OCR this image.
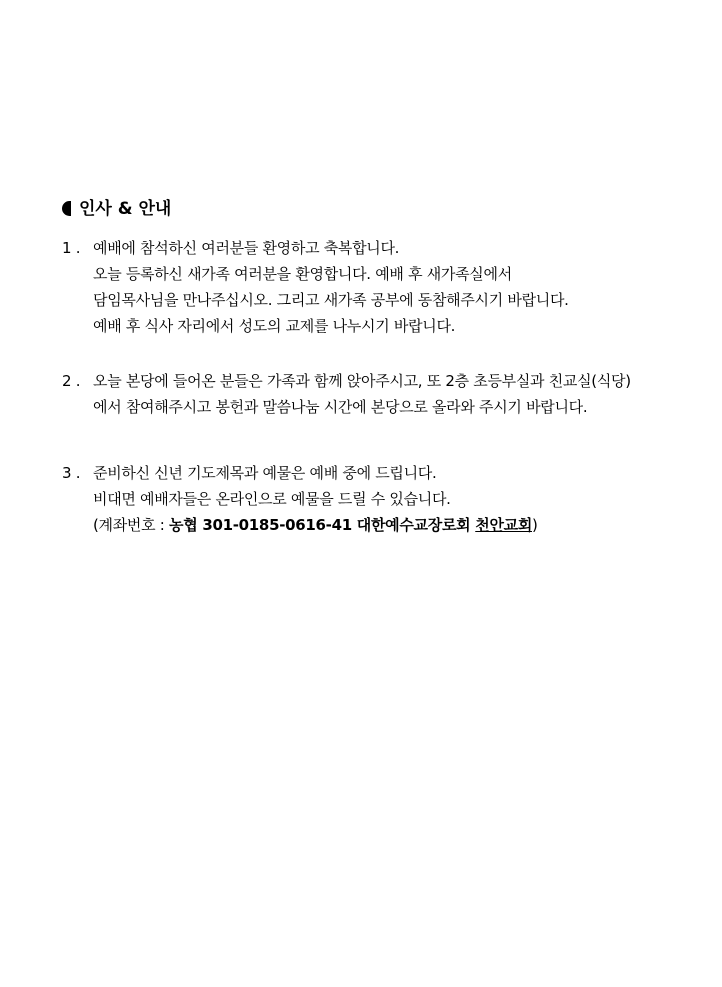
인사 & 안내
1 . 예배에 참석하신 여러분들 환영하고 축복합니다.
오늘 등록하신 새가족 여러분을 환영합니다. 예배 후 새가족실에서
담임목사님을 만나주십시오. 그리고 새가족 공부에 동참해주시기 바랍니다.
예배 후 식사 자리에서 성도의 교제를 나누시기 바랍니다.
2 . 오늘 본당에 들어온 분들은 가족과 함께 앉아주시고, 또 2층 초등부실과 친교실(식당)
에서 참여해주시고 봉헌과 말씀나눔 시간에 본당으로 올라와 주시기 바랍니다.
3 . 준비하신 신년 기도제목과 예물은 예배 중에 드립니다.
비대면 예배자들은 온라인으로 예물을 드릴 수 있습니다.
(계좌번호 : 농협 301-0185-0616-41 대한예수교장로회 천안교회)
